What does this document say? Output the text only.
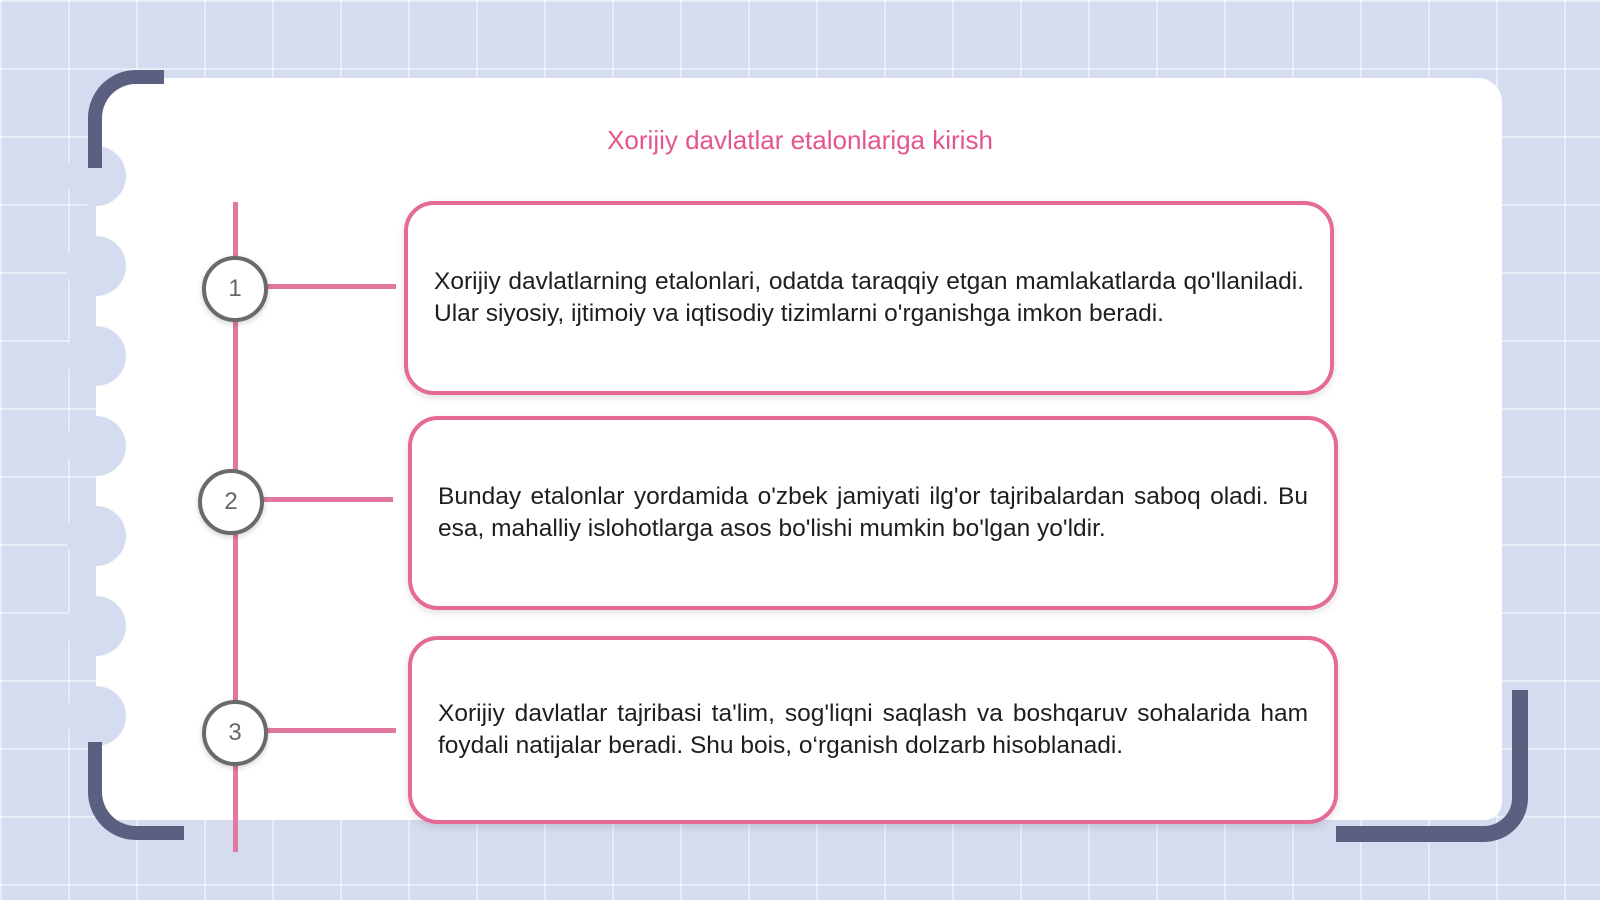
Xorijiy davlatlar etalonlariga kirish
1
2
3

Xorijiy davlatlarning etalonlari, odatda taraqqiy etgan mamlakatlarda qo'llaniladi. Ular siyosiy, ijtimoiy va iqtisodiy tizimlarni o'rganishga imkon beradi.

Bunday etalonlar yordamida o'zbek jamiyati ilg'or tajribalardan saboq oladi. Bu esa, mahalliy islohotlarga asos bo'lishi mumkin bo'lgan yo'ldir.

Xorijiy davlatlar tajribasi ta'lim, sog'liqni saqlash va boshqaruv sohalarida ham foydali natijalar beradi. Shu bois, o‘rganish dolzarb hisoblanadi.
